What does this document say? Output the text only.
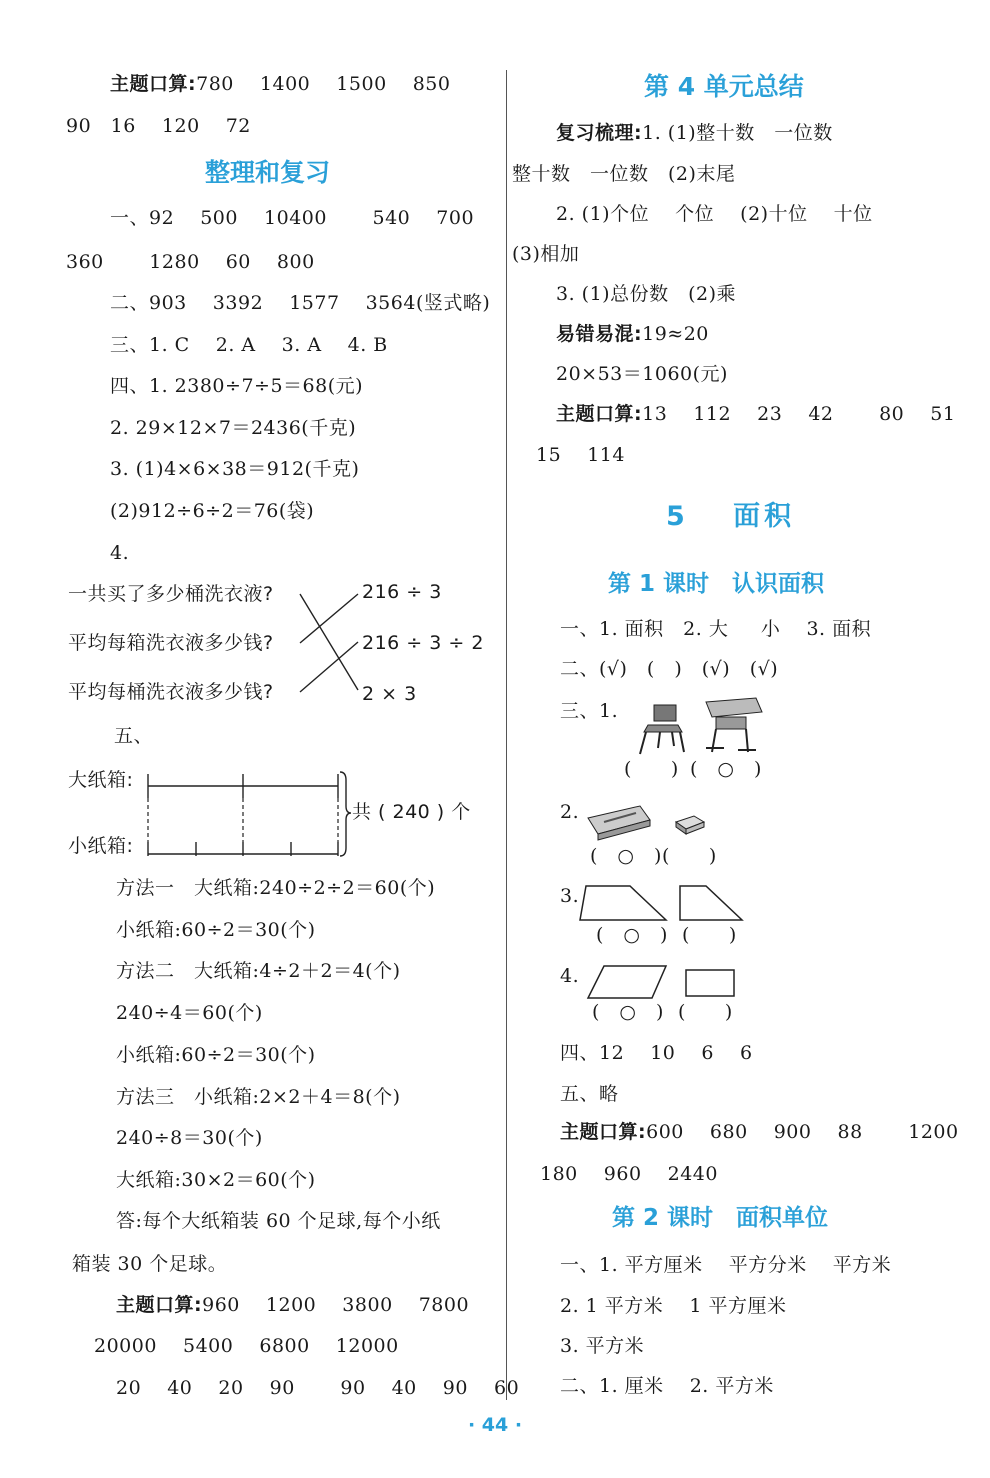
主题口算:780　 1400 　1500　 850
90　16　 120 　72
整理和复习
一、92　 500 　10400 　　540 　700
360 　　1280　 60 　800
二、903　 3392　 1577　 3564(竖式略)
三、1. C 　2. A　 3. A 　4. B
四、1. 2380÷7÷5＝68(元)
2. 29×12×7＝2436(千克)
3. (1)4×6×38＝912(千克)
(2)912÷6÷2＝76(袋)
4.
一共买了多少桶洗衣液?
平均每箱洗衣液多少钱?
平均每桶洗衣液多少钱?
216 ÷ 3
216 ÷ 3 ÷ 2
2 × 3
五、
大纸箱:
小纸箱:
共 ( 240 ) 个
方法一　大纸箱:240÷2÷2＝60(个)
小纸箱:60÷2＝30(个)
方法二　大纸箱:4÷2＋2＝4(个)
240÷4＝60(个)
小纸箱:60÷2＝30(个)
方法三　小纸箱:2×2＋4＝8(个)
240÷8＝30(个)
大纸箱:30×2＝60(个)
答:每个大纸箱装 60 个足球,每个小纸
箱装 30 个足球。
主题口算:960　 1200　 3800 　7800
20000　 5400　 6800　 12000
20　 40 　20　 90　 　90 　40 　90 　60
第 4 单元总结
复习梳理:1. (1)整十数　一位数
整十数　一位数　(2)末尾
2. (1)个位　 个位　 (2)十位 　十位
(3)相加
3. (1)总份数　(2)乘
易错易混:19≈20
20×53＝1060(元)
主题口算:13　 112　 23　 42 　　80 　51
15　 114
5　 面积
第 1 课时　认识面积
一、1. 面积　2. 大 　 小　 3. 面积
二、(√)　(　)　(√)　(√)
三、1.
(　　) (　○　)
2.
(　○　) (　　)
3.
(　○　) (　　)
4.
(　○　) (　　)
四、12　 10 　6　 6
五、略
主题口算:600　 680　 900　 88 　　1200
180　 960 　2440
第 2 课时　面积单位
一、1. 平方厘米　 平方分米 　平方米
2. 1 平方米　 1 平方厘米
3. 平方米
二、1. 厘米　 2. 平方米
· 44 ·
